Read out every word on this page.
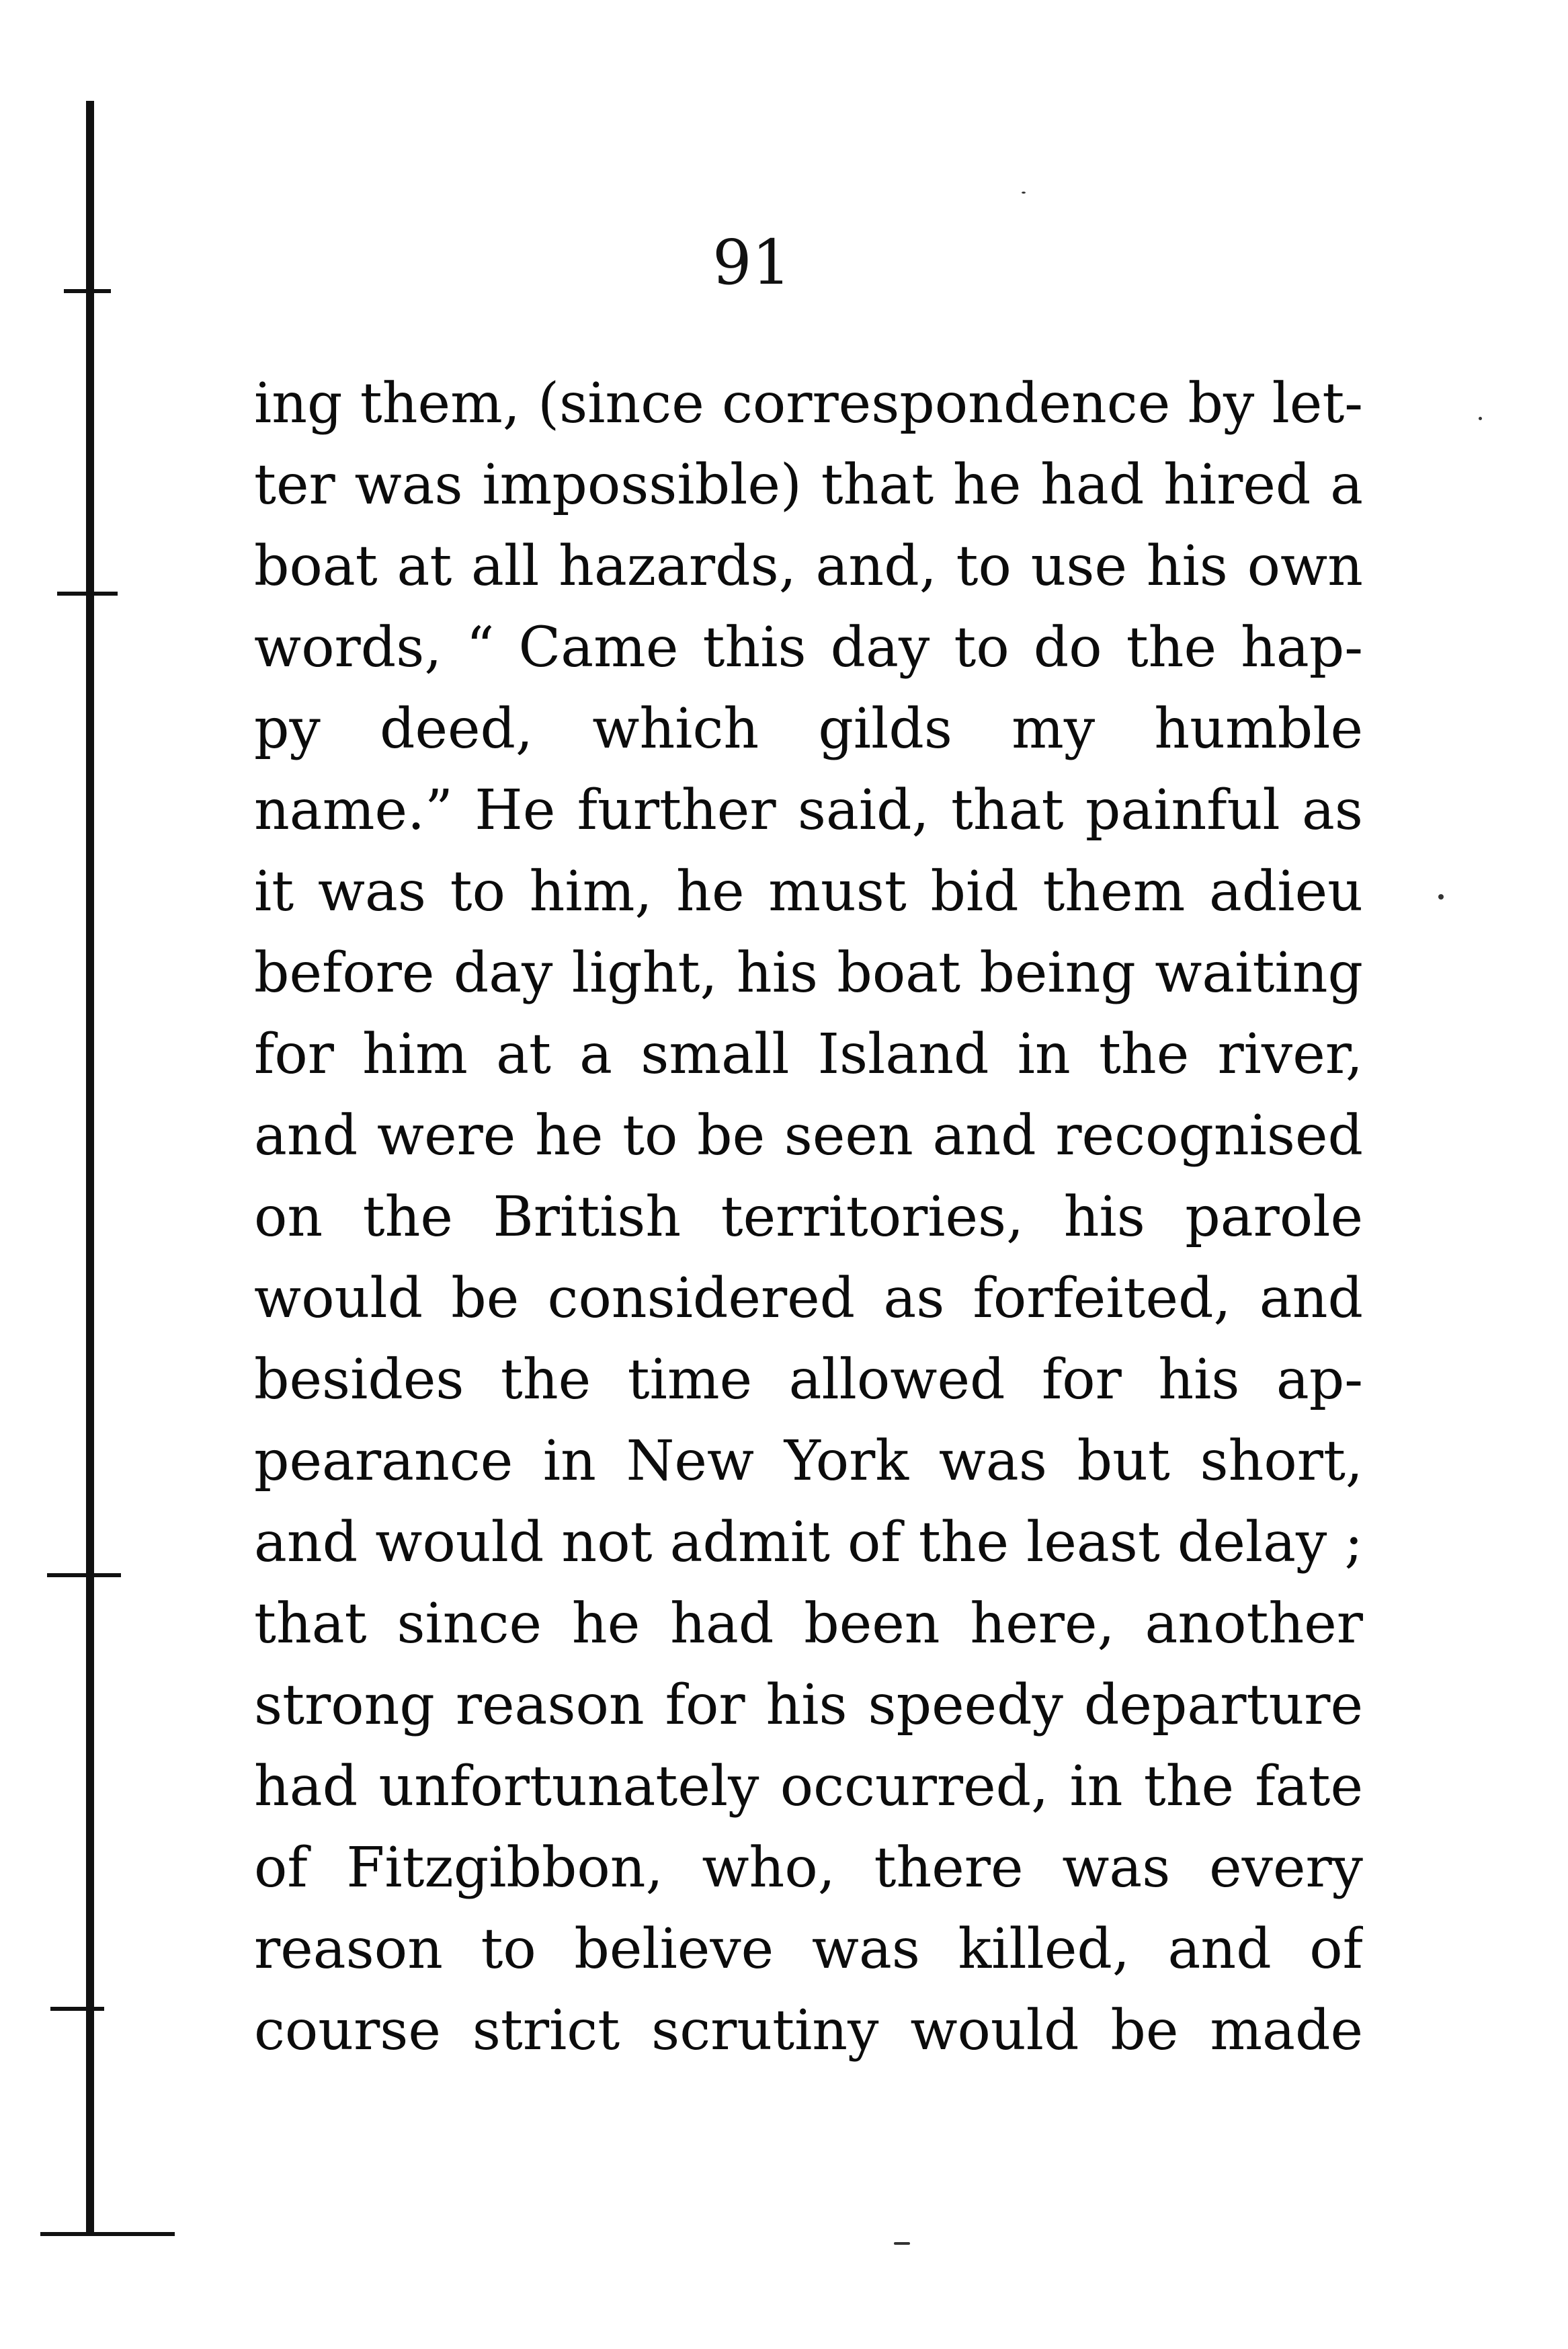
91
ing them, (since correspondence by let-
ter was impossible) that he had hired a
boat at all hazards, and, to use his own
words, “ Came this day to do the hap-
py deed, which gilds my humble
name.” He further said, that painful as
it was to him, he must bid them adieu
before day light, his boat being waiting
for him at a small Island in the river,
and were he to be seen and recognised
on the British territories, his parole
would be considered as forfeited, and
besides the time allowed for his ap-
pearance in New York was but short,
and would not admit of the least delay ;
that since he had been here, another
strong reason for his speedy departure
had unfortunately occurred, in the fate
of Fitzgibbon, who, there was every
reason to believe was killed, and of
course strict scrutiny would be made
